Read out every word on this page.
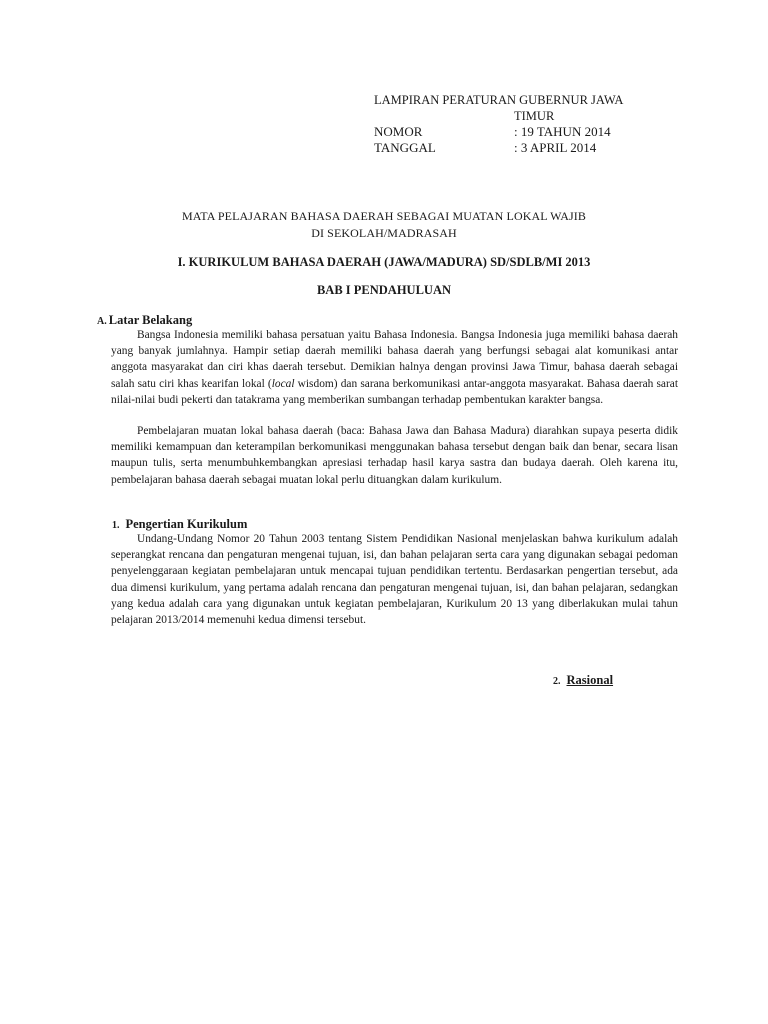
LAMPIRAN PERATURAN GUBERNUR JAWA

TIMUR

NOMOR	: 19 TAHUN 2014
TANGGAL	: 3 APRIL 2014
MATA PELAJARAN BAHASA DAERAH SEBAGAI MUATAN LOKAL WAJIB
DI SEKOLAH/MADRASAH
I. KURIKULUM BAHASA DAERAH (JAWA/MADURA) SD/SDLB/MI 2013
BAB I PENDAHULUAN
A. Latar Belakang

Bangsa Indonesia memiliki bahasa persatuan yaitu Bahasa Indonesia. Bangsa Indonesia juga memiliki bahasa daerah yang banyak jumlahnya. Hampir setiap daerah memiliki bahasa daerah yang berfungsi sebagai alat komunikasi antar anggota masyarakat dan ciri khas daerah tersebut. Demikian halnya dengan provinsi Jawa Timur, bahasa daerah sebagai salah satu ciri khas kearifan lokal (local wisdom) dan sarana berkomunikasi antar-anggota masyarakat. Bahasa daerah sarat nilai-nilai budi pekerti dan tatakrama yang memberikan sumbangan terhadap pembentukan karakter bangsa.

Pembelajaran muatan lokal bahasa daerah (baca: Bahasa Jawa dan Bahasa Madura) diarahkan supaya peserta didik memiliki kemampuan dan keterampilan berkomunikasi menggunakan bahasa tersebut dengan baik dan benar, secara lisan maupun tulis, serta menumbuhkembangkan apresiasi terhadap hasil karya sastra dan budaya daerah. Oleh karena itu, pembelajaran bahasa daerah sebagai muatan lokal perlu dituangkan dalam kurikulum.

1. Pengertian Kurikulum

Undang-Undang Nomor 20 Tahun 2003 tentang Sistem Pendidikan Nasional menjelaskan bahwa kurikulum adalah seperangkat rencana dan pengaturan mengenai tujuan, isi, dan bahan pelajaran serta cara yang digunakan sebagai pedoman penyelenggaraan kegiatan pembelajaran untuk mencapai tujuan pendidikan tertentu. Berdasarkan pengertian tersebut, ada dua dimensi kurikulum, yang pertama adalah rencana dan pengaturan mengenai tujuan, isi, dan bahan pelajaran, sedangkan yang kedua adalah cara yang digunakan untuk kegiatan pembelajaran, Kurikulum 20 13 yang diberlakukan mulai tahun pelajaran 2013/2014 memenuhi kedua dimensi tersebut.

2. Rasional
